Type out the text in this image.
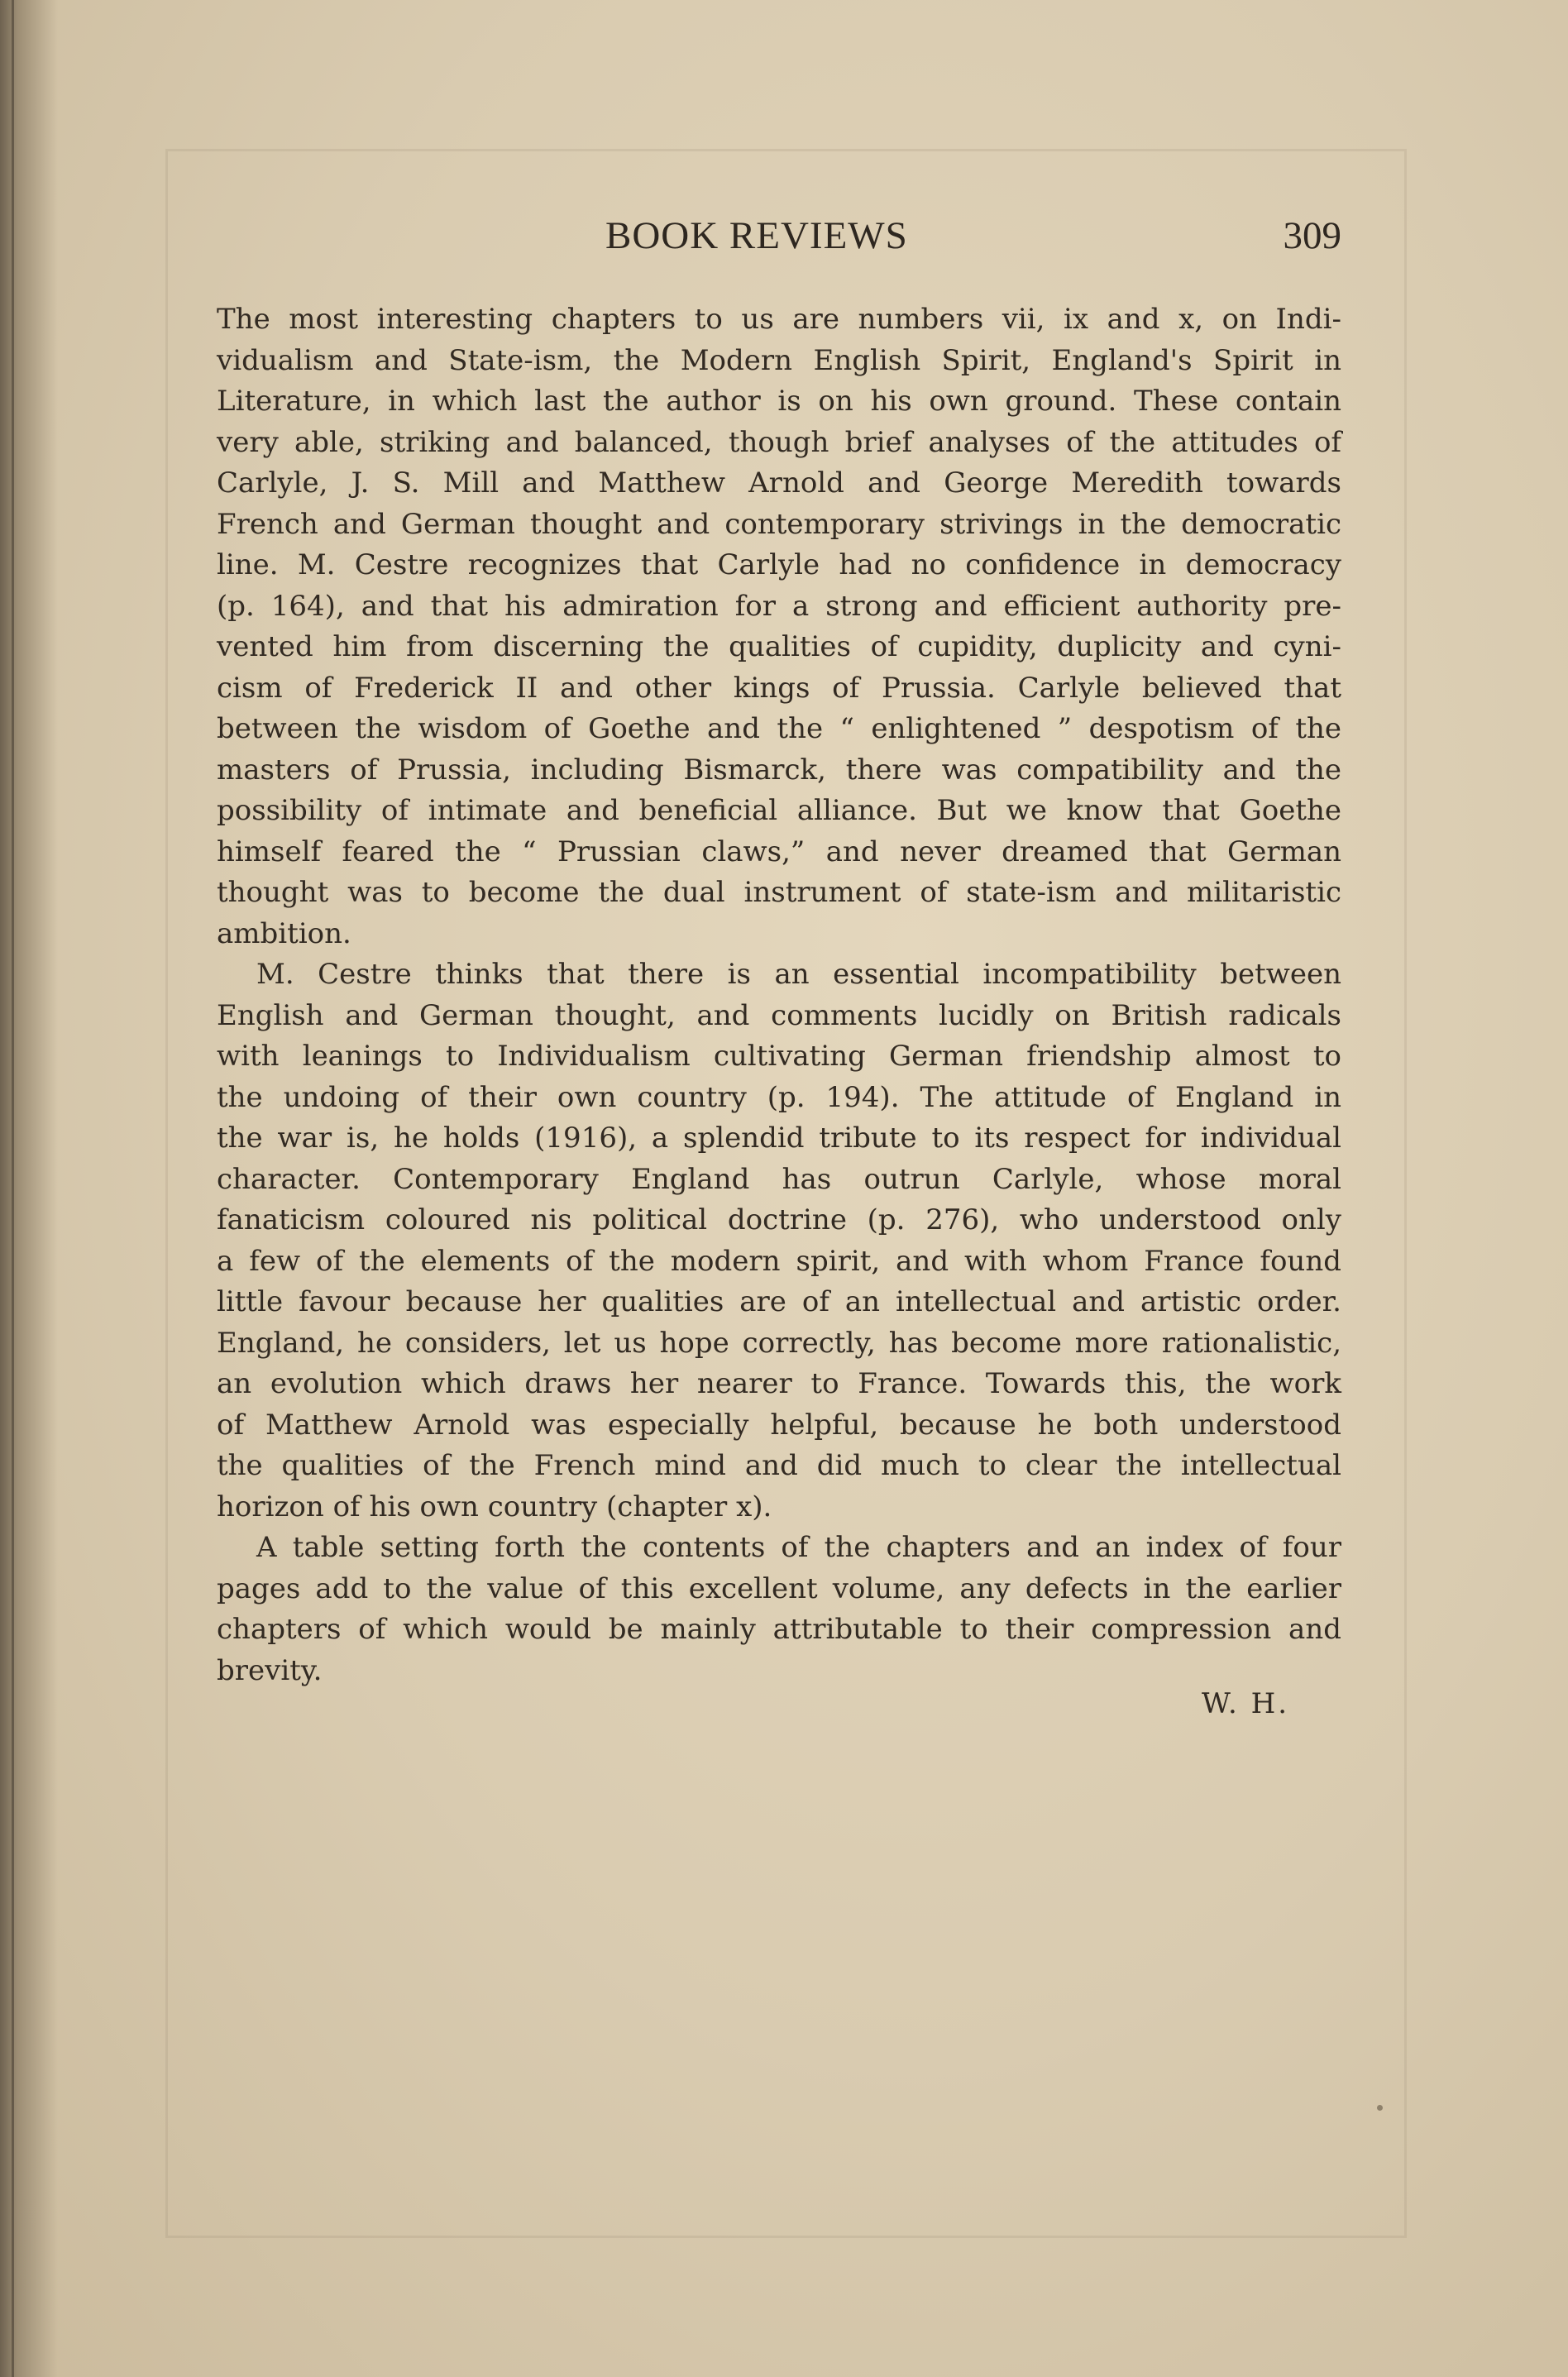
BOOK REVIEWS	309
The most interesting chapters to us are numbers vii, ix and x, on Indi-
vidualism and State-ism, the Modern English Spirit, England's Spirit in
Literature, in which last the author is on his own ground. These contain
very able, striking and balanced, though brief analyses of the attitudes of
Carlyle, J. S. Mill and Matthew Arnold and George Meredith towards
French and German thought and contemporary strivings in the democratic
line. M. Cestre recognizes that Carlyle had no confidence in democracy
(p. 164), and that his admiration for a strong and efficient authority pre-
vented him from discerning the qualities of cupidity, duplicity and cyni-
cism of Frederick II and other kings of Prussia. Carlyle believed that
between the wisdom of Goethe and the “ enlightened ” despotism of the
masters of Prussia, including Bismarck, there was compatibility and the
possibility of intimate and beneficial alliance. But we know that Goethe
himself feared the “ Prussian claws,” and never dreamed that German
thought was to become the dual instrument of state-ism and militaristic
ambition.
M. Cestre thinks that there is an essential incompatibility between
English and German thought, and comments lucidly on British radicals
with leanings to Individualism cultivating German friendship almost to
the undoing of their own country (p. 194). The attitude of England in
the war is, he holds (1916), a splendid tribute to its respect for individual
character. Contemporary England has outrun Carlyle, whose moral
fanaticism coloured nis political doctrine (p. 276), who understood only
a few of the elements of the modern spirit, and with whom France found
little favour because her qualities are of an intellectual and artistic order.
England, he considers, let us hope correctly, has become more rationalistic,
an evolution which draws her nearer to France. Towards this, the work
of Matthew Arnold was especially helpful, because he both understood
the qualities of the French mind and did much to clear the intellectual
horizon of his own country (chapter x).
A table setting forth the contents of the chapters and an index of four
pages add to the value of this excellent volume, any defects in the earlier
chapters of which would be mainly attributable to their compression and
brevity.
W. H.
